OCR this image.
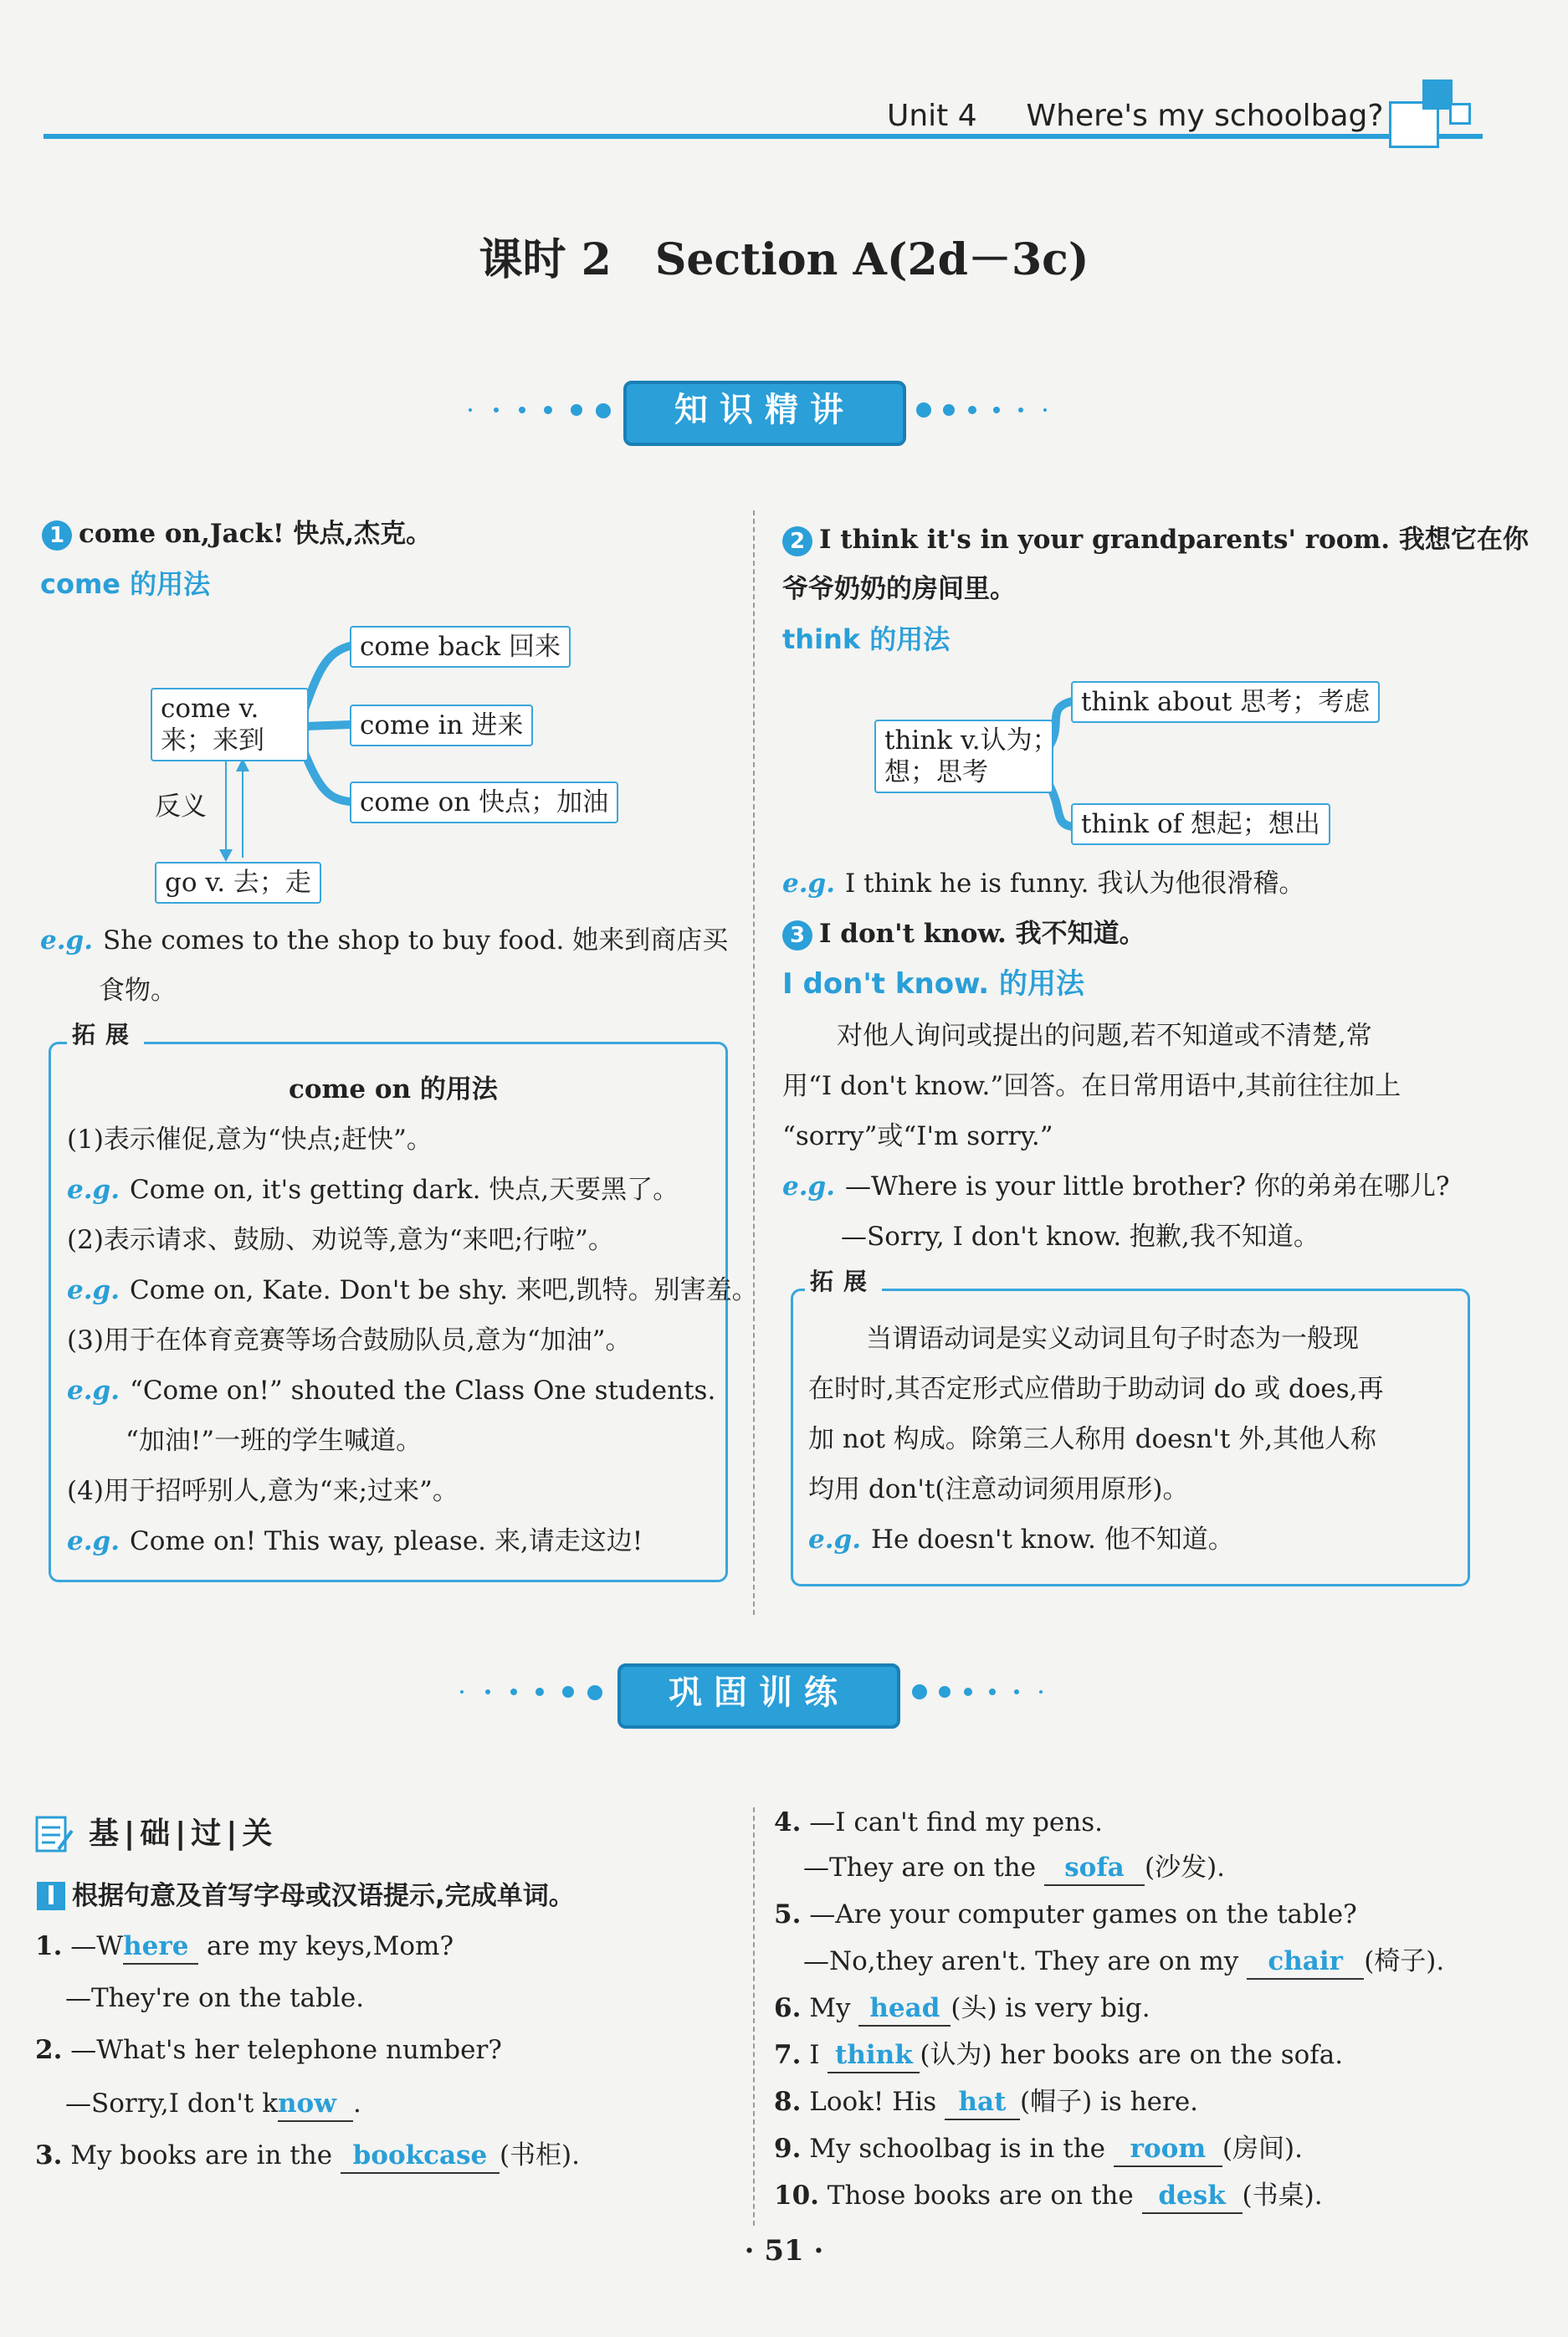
Unit 4 Where's my schoolbag?
课时 2　Section A(2d－3c)
知识精讲
1 come on,Jack! 快点,杰克。
come 的用法
come v.
来；来到
come back 回来
come in 进来
come on 快点；加油
反义
go v. 去；走
e.g. She comes to the shop to buy food. 她来到商店买
食物。
拓展
come on 的用法
(1)表示催促,意为“快点;赶快”。
e.g. Come on, it's getting dark. 快点,天要黑了。
(2)表示请求、鼓励、劝说等,意为“来吧;行啦”。
e.g. Come on, Kate. Don't be shy. 来吧,凯特。别害羞。
(3)用于在体育竞赛等场合鼓励队员,意为“加油”。
e.g. “Come on!” shouted the Class One students.
“加油!”一班的学生喊道。
(4)用于招呼别人,意为“来;过来”。
e.g. Come on! This way, please. 来,请走这边!
2 I think it's in your grandparents' room. 我想它在你
爷爷奶奶的房间里。
think 的用法
think v.认为；
想；思考
think about 思考；考虑
think of 想起；想出
e.g. I think he is funny. 我认为他很滑稽。
3 I don't know. 我不知道。
I don't know. 的用法
对他人询问或提出的问题,若不知道或不清楚,常
用“I don't know.”回答。在日常用语中,其前往往加上
“sorry”或“I'm sorry.”
e.g. —Where is your little brother? 你的弟弟在哪儿?
—Sorry, I don't know. 抱歉,我不知道。
拓展
当谓语动词是实义动词且句子时态为一般现
在时时,其否定形式应借助于助动词 do 或 does,再
加 not 构成。除第三人称用 doesn't 外,其他人称
均用 don't(注意动词须用原形)。
e.g. He doesn't know. 他不知道。
巩固训练
基|础|过|关
Ⅰ 根据句意及首写字母或汉语提示,完成单词。
1. —Where are my keys,Mom?
—They're on the table.
2. —What's her telephone number?
—Sorry,I don't know .
3. My books are in the bookcase (书柜).
4. —I can't find my pens.
—They are on the sofa (沙发).
5. —Are your computer games on the table?
—No,they aren't. They are on my chair (椅子).
6. My head (头) is very big.
7. I think (认为) her books are on the sofa.
8. Look! His hat (帽子) is here.
9. My schoolbag is in the room (房间).
10. Those books are on the desk (书桌).
· 51 ·
